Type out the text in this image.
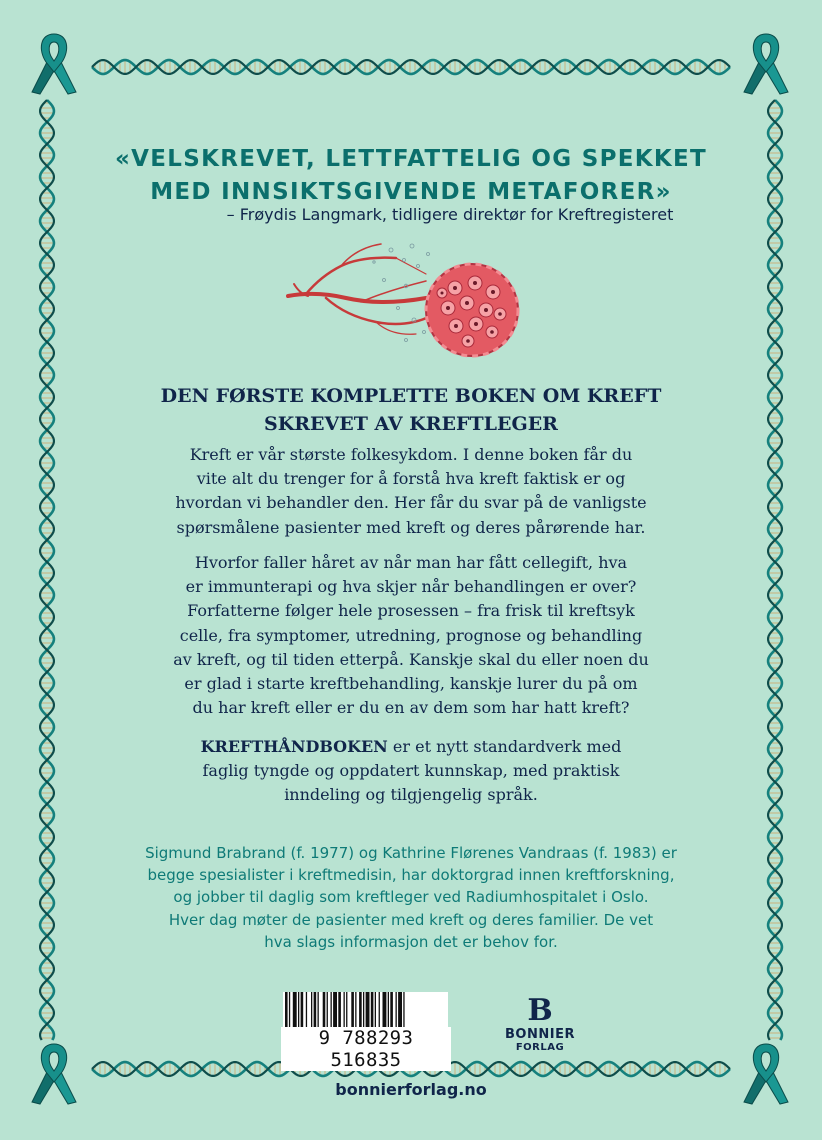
«VELSKREVET, LETTFATTELIG OG SPEKKET
MED INNSIKTSGIVENDE METAFORER»
– Frøydis Langmark, tidligere direktør for Kreftregisteret
DEN FØRSTE KOMPLETTE BOKEN OM KREFT
SKREVET AV KREFTLEGER
Kreft er vår største folkesykdom. I denne boken får du
vite alt du trenger for å forstå hva kreft faktisk er og
hvordan vi behandler den. Her får du svar på de vanligste
spørsmålene pasienter med kreft og deres pårørende har.
Hvorfor faller håret av når man har fått cellegift, hva
er immunterapi og hva skjer når behandlingen er over?
Forfatterne følger hele prosessen – fra frisk til kreftsyk
celle, fra symptomer, utredning, prognose og behandling
av kreft, og til tiden etterpå. Kanskje skal du eller noen du
er glad i starte kreftbehandling, kanskje lurer du på om
du har kreft eller er du en av dem som har hatt kreft?
KREFTHÅNDBOKEN er et nytt standardverk med
faglig tyngde og oppdatert kunnskap, med praktisk
inndeling og tilgjengelig språk.
Sigmund Brabrand (f. 1977) og Kathrine Flørenes Vandraas (f. 1983) er
begge spesialister i kreftmedisin, har doktorgrad innen kreftforskning,
og jobber til daglig som kreftleger ved Radiumhospitalet i Oslo.
Hver dag møter de pasienter med kreft og deres familier. De vet
hva slags informasjon det er behov for.
9 788293 516835
B
BONNIER
FORLAG
bonnierforlag.no
